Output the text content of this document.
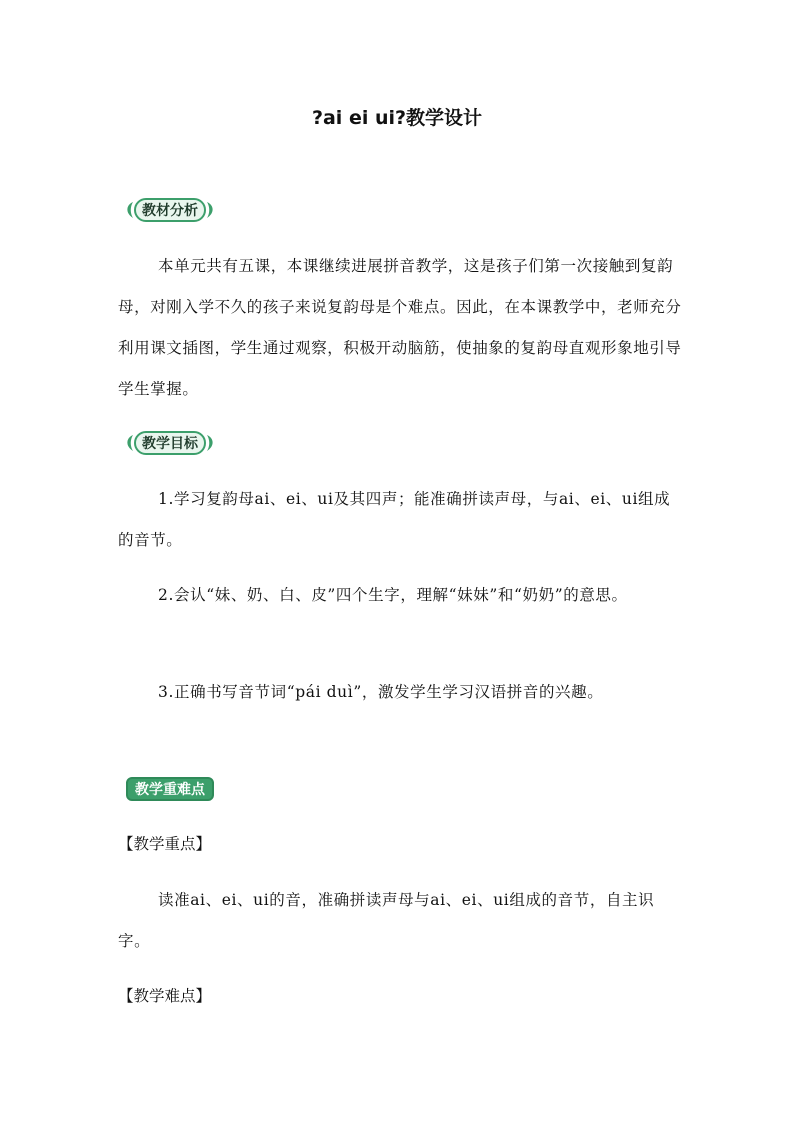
?ai ei ui?教学设计
教材分析
本单元共有五课，本课继续进展拼音教学，这是孩子们第一次接触到复韵母，对刚入学不久的孩子来说复韵母是个难点。因此，在本课教学中，老师充分利用课文插图，学生通过观察，积极开动脑筋，使抽象的复韵母直观形象地引导学生掌握。
教学目标
1.学习复韵母ai、ei、ui及其四声；能准确拼读声母，与ai、ei、ui组成的音节。
2.会认“妹、奶、白、皮”四个生字，理解“妹妹”和“奶奶”的意思。
3.正确书写音节词“pái duì”，激发学生学习汉语拼音的兴趣。
教学重难点
【教学重点】
读准ai、ei、ui的音，准确拼读声母与ai、ei、ui组成的音节，自主识字。
【教学难点】
